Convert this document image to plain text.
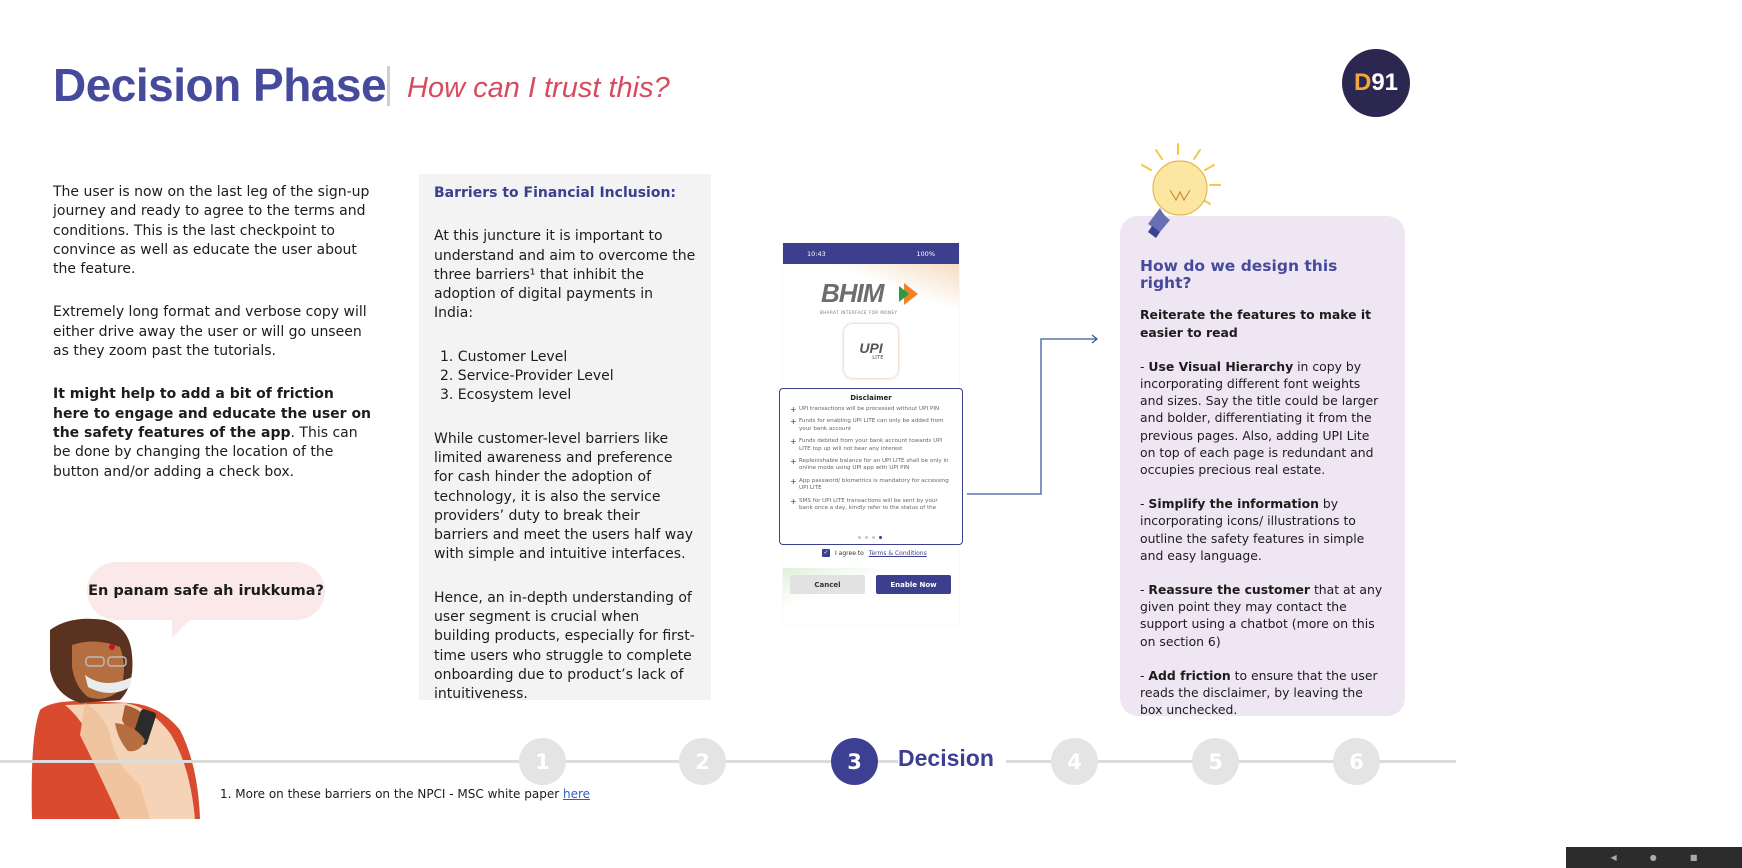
Decision Phase How can I trust this?	D 91

The user is now on the last leg of the sign-up journey and ready to agree to the terms and conditions. This is the last checkpoint to convince as well as educate the user about the feature.

Extremely long format and verbose copy will either drive away the user or will go unseen as they zoom past the tutorials.

It might help to add a bit of friction here to engage and educate the user on the safety features of the app. This can be done by changing the location of the button and/or adding a check box.

Barriers to Financial Inclusion:

At this juncture it is important to understand and aim to overcome the three barriers¹ that inhibit the adoption of digital payments in India:

1. Customer Level
2. Service-Provider Level
3. Ecosystem level

While customer-level barriers like limited awareness and preference for cash hinder the adoption of technology, it is also the service providers’ duty to break their barriers and meet the users half way with simple and intuitive interfaces.

Hence, an in-depth understanding of user segment is crucial when building products, especially for first-time users who struggle to complete onboarding due to product’s lack of intuitiveness.

En panam safe ah irukkuma?
10:43	100%
BHIM
BHARAT INTERFACE FOR MONEY
UPI
LITE
◀	●	■
Disclaimer
+ UPI transactions will be processed without UPI PIN
+ Funds for enabling UPI LITE can only be added from your bank account
+ Funds debited from your bank account towards UPI LITE top up will not bear any interest
+ Replenishable balance for an UPI LITE shall be only in online mode using UPI app with UPI PIN
+ App password/ biometrics is mandatory for accessing UPI LITE
+ SMS for UPI LITE transactions will be sent by your bank once a day, kindly refer to the status of the
✓ I agree to Terms & Conditions
Cancel	Enable Now
How do we design this right?

Reiterate the features to make it easier to read

- Use Visual Hierarchy in copy by incorporating different font weights and sizes. Say the title could be larger and bolder, differentiating it from the previous pages. Also, adding UPI Lite on top of each page is redundant and occupies precious real estate.

- Simplify the information by incorporating icons/ illustrations to outline the safety features in simple and easy language.

- Reassure the customer that at any given point they may contact the support using a chatbot (more on this on section 6)

- Add friction to ensure that the user reads the disclaimer, by leaving the box unchecked.

1	2	3	Decision	4	5	6
1. More on these barriers on the NPCI - MSC white paper here
